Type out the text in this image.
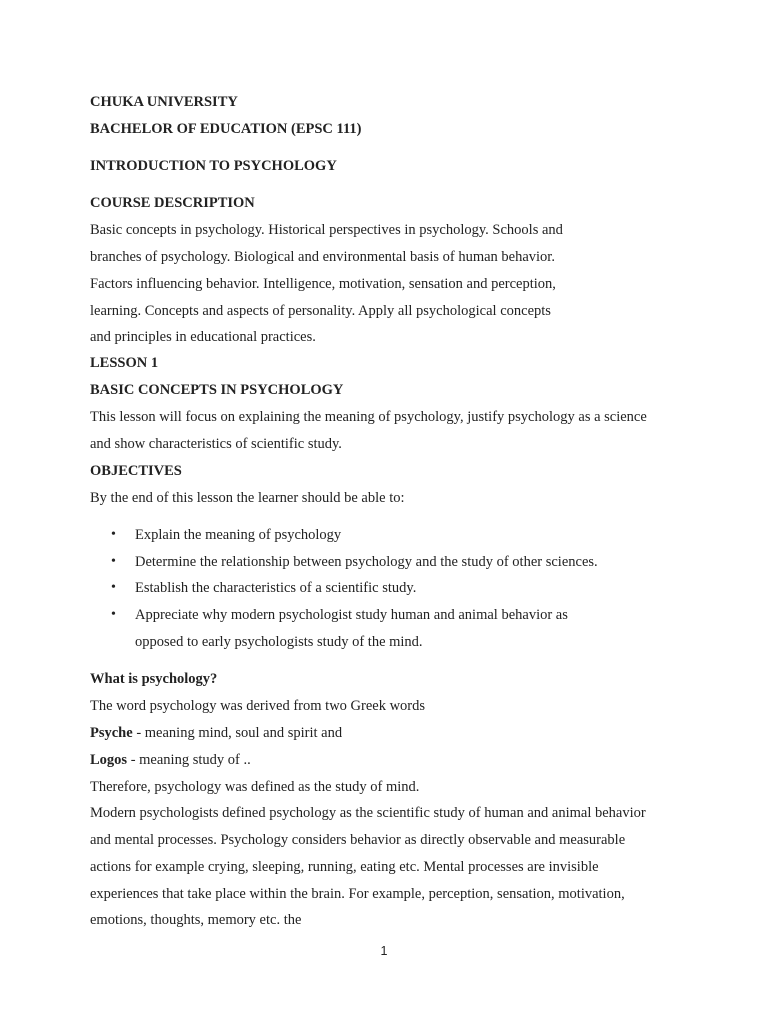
CHUKA UNIVERSITY
BACHELOR OF EDUCATION (EPSC 111)
INTRODUCTION TO PSYCHOLOGY
COURSE DESCRIPTION
Basic concepts in psychology. Historical perspectives in psychology. Schools and
branches of psychology. Biological and environmental basis of human behavior.
Factors influencing behavior. Intelligence, motivation, sensation and perception,
learning. Concepts and aspects of personality. Apply all psychological concepts
and principles in educational practices.
LESSON 1
BASIC CONCEPTS IN PSYCHOLOGY
This lesson will focus on explaining the meaning of psychology, justify psychology as a science
and show characteristics of scientific study.
OBJECTIVES
By the end of this lesson the learner should be able to:
• Explain the meaning of psychology
• Determine the relationship between psychology and the study of other sciences.
• Establish the characteristics of a scientific study.
• Appreciate why modern psychologist study human and animal behavior as
opposed to early psychologists study of the mind.
What is psychology?
The word psychology was derived from two Greek words
Psyche - meaning mind, soul and spirit and
Logos - meaning study of ..
Therefore, psychology was defined as the study of mind.
Modern psychologists defined psychology as the scientific study of human and animal behavior
and mental processes. Psychology considers behavior as directly observable and measurable
actions for example crying, sleeping, running, eating etc. Mental processes are invisible
experiences that take place within the brain. For example, perception, sensation, motivation,
emotions, thoughts, memory etc. the
1
